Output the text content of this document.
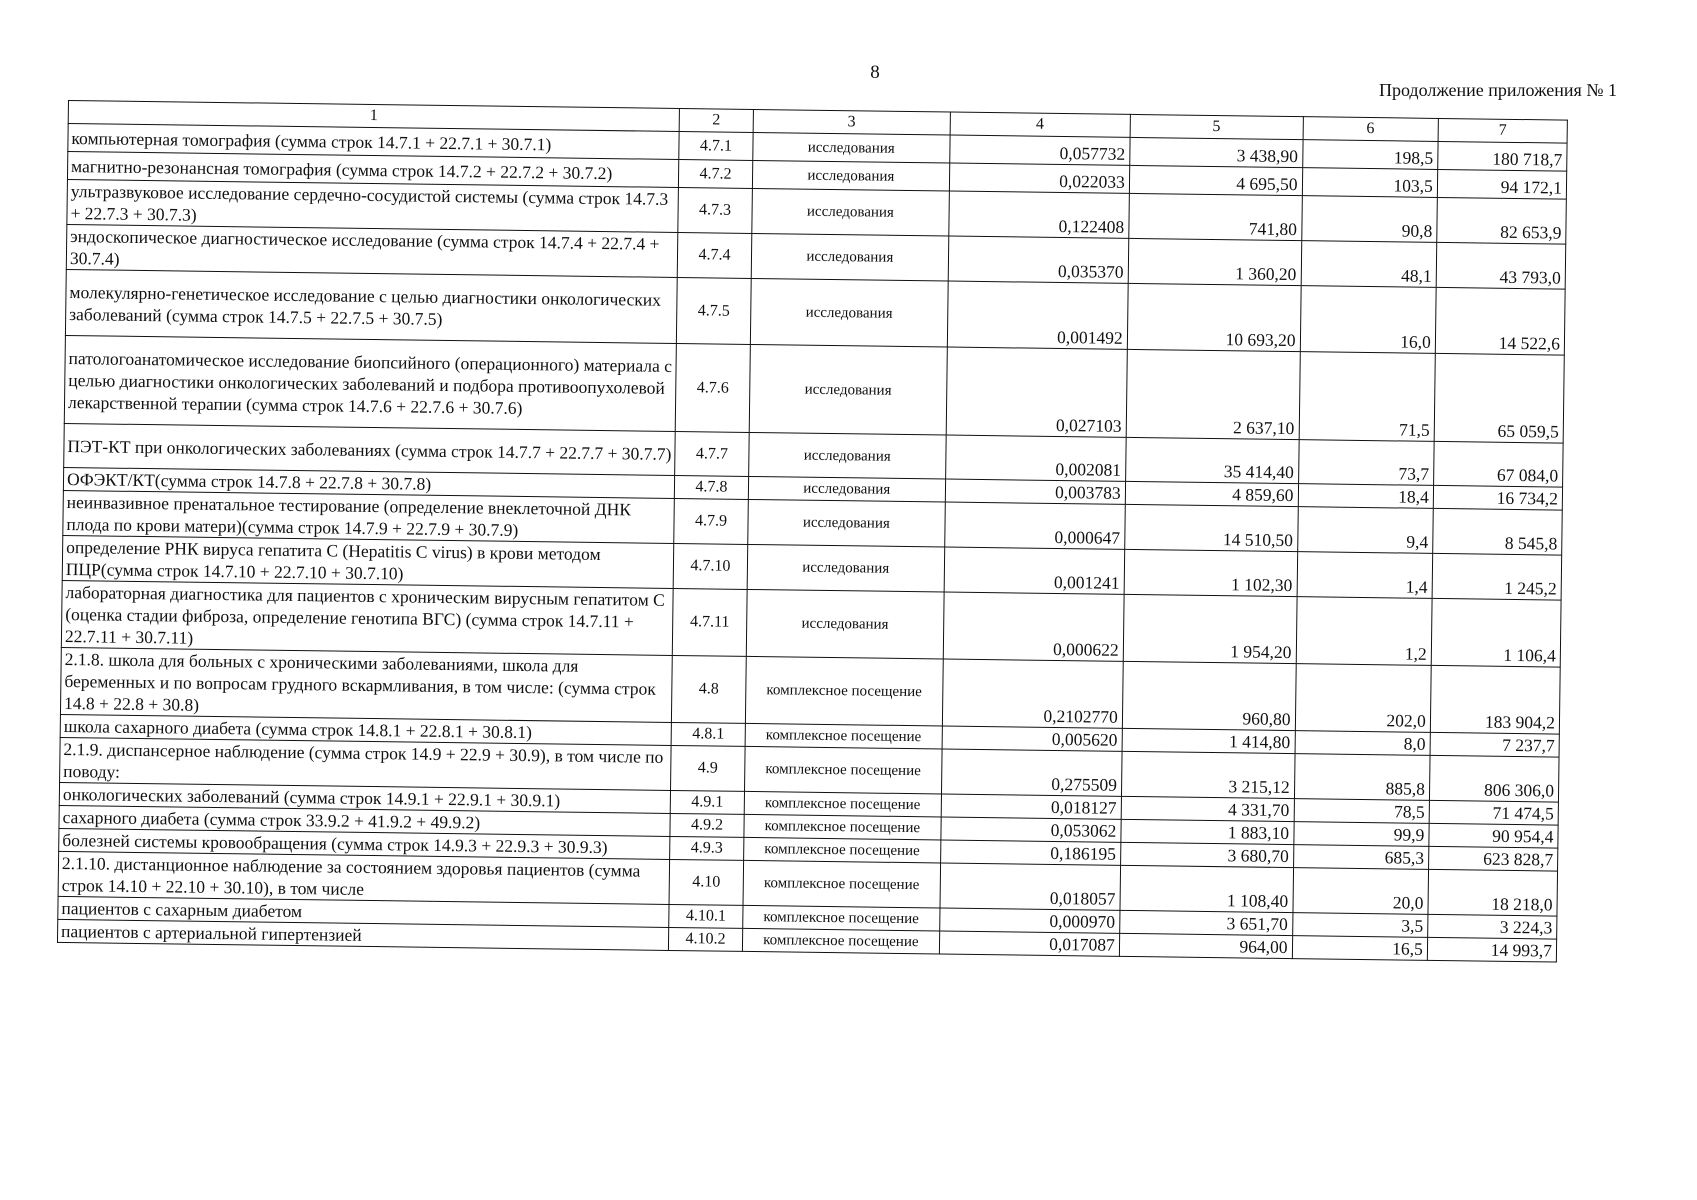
8
Продолжение приложения № 1
1	2	3	4	5	6	7
компьютерная томография (сумма строк 14.7.1 + 22.7.1 + 30.7.1)	4.7.1	исследования	0,057732	3 438,90	198,5	180 718,7
магнитно-резонансная томография (сумма строк 14.7.2 + 22.7.2 + 30.7.2)	4.7.2	исследования	0,022033	4 695,50	103,5	94 172,1
ультразвуковое исследование сердечно-сосудистой системы (сумма строк 14.7.3 + 22.7.3 + 30.7.3)	4.7.3	исследования	0,122408	741,80	90,8	82 653,9
эндоскопическое диагностическое исследование (сумма строк 14.7.4 + 22.7.4 + 30.7.4)	4.7.4	исследования	0,035370	1 360,20	48,1	43 793,0
молекулярно-генетическое исследование с целью диагностики онкологических заболеваний (сумма строк 14.7.5 + 22.7.5 + 30.7.5)	4.7.5	исследования	0,001492	10 693,20	16,0	14 522,6
патологоанатомическое исследование биопсийного (операционного) материала с целью диагностики онкологических заболеваний и подбора противоопухолевой лекарственной терапии (сумма строк 14.7.6 + 22.7.6 + 30.7.6)	4.7.6	исследования	0,027103	2 637,10	71,5	65 059,5
ПЭТ-КТ при онкологических заболеваниях (сумма строк 14.7.7 + 22.7.7 + 30.7.7)	4.7.7	исследования	0,002081	35 414,40	73,7	67 084,0
ОФЭКТ/КТ(сумма строк 14.7.8 + 22.7.8 + 30.7.8)	4.7.8	исследования	0,003783	4 859,60	18,4	16 734,2
неинвазивное пренатальное тестирование (определение внеклеточной ДНК плода по крови матери)(сумма строк 14.7.9 + 22.7.9 + 30.7.9)	4.7.9	исследования	0,000647	14 510,50	9,4	8 545,8
определение РНК вируса гепатита С (Hepatitis C virus) в крови методом ПЦР(сумма строк 14.7.10 + 22.7.10 + 30.7.10)	4.7.10	исследования	0,001241	1 102,30	1,4	1 245,2
лабораторная диагностика для пациентов с хроническим вирусным гепатитом С (оценка стадии фиброза, определение генотипа ВГС) (сумма строк 14.7.11 + 22.7.11 + 30.7.11)	4.7.11	исследования	0,000622	1 954,20	1,2	1 106,4
2.1.8. школа для больных с хроническими заболеваниями, школа для беременных и по вопросам грудного вскармливания, в том числе: (сумма строк 14.8 + 22.8 + 30.8)	4.8	комплексное посещение	0,2102770	960,80	202,0	183 904,2
школа сахарного диабета (сумма строк 14.8.1 + 22.8.1 + 30.8.1)	4.8.1	комплексное посещение	0,005620	1 414,80	8,0	7 237,7
2.1.9. диспансерное наблюдение (сумма строк 14.9 + 22.9 + 30.9), в том числе по поводу:	4.9	комплексное посещение	0,275509	3 215,12	885,8	806 306,0
онкологических заболеваний (сумма строк 14.9.1 + 22.9.1 + 30.9.1)	4.9.1	комплексное посещение	0,018127	4 331,70	78,5	71 474,5
сахарного диабета (сумма строк 33.9.2 + 41.9.2 + 49.9.2)	4.9.2	комплексное посещение	0,053062	1 883,10	99,9	90 954,4
болезней системы кровообращения (сумма строк 14.9.3 + 22.9.3 + 30.9.3)	4.9.3	комплексное посещение	0,186195	3 680,70	685,3	623 828,7
2.1.10. дистанционное наблюдение за состоянием здоровья пациентов (сумма строк 14.10 + 22.10 + 30.10), в том числе	4.10	комплексное посещение	0,018057	1 108,40	20,0	18 218,0
пациентов с сахарным диабетом	4.10.1	комплексное посещение	0,000970	3 651,70	3,5	3 224,3
пациентов с артериальной гипертензией	4.10.2	комплексное посещение	0,017087	964,00	16,5	14 993,7
